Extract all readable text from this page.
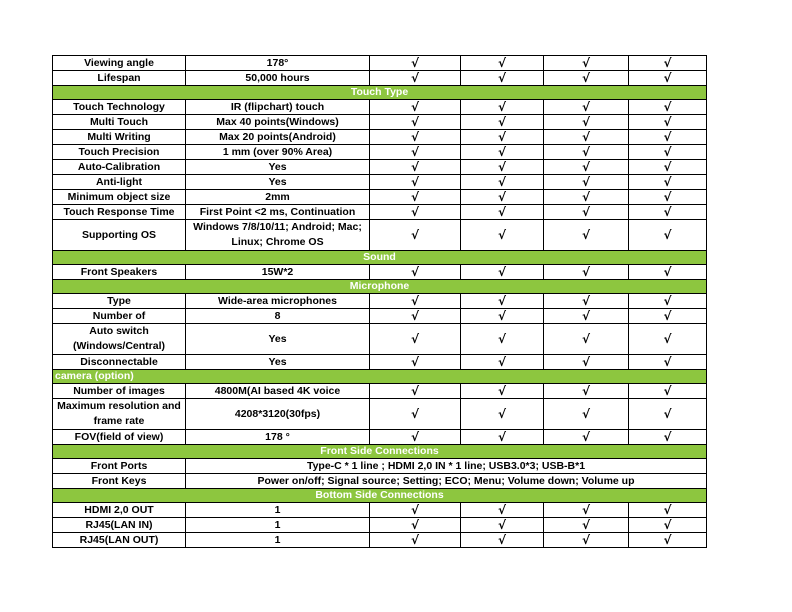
Viewing angle	178°	√	√	√	√
Lifespan	50,000 hours	√	√	√	√
Touch Type					
Touch Technology	IR (flipchart) touch	√	√	√	√
Multi Touch	Max 40 points(Windows)	√	√	√	√
Multi Writing	Max 20 points(Android)	√	√	√	√
Touch Precision	1 mm (over 90% Area)	√	√	√	√
Auto-Calibration	Yes	√	√	√	√
Anti-light	Yes	√	√	√	√
Minimum object size	2mm	√	√	√	√
Touch Response Time	First Point <2 ms, Continuation	√	√	√	√
Supporting OS	Windows 7/8/10/11; Android; Mac; Linux; Chrome OS	√	√	√	√
Sound					
Front Speakers	15W*2	√	√	√	√
Microphone					
Type	Wide-area microphones	√	√	√	√
Number of	8	√	√	√	√
Auto switch (Windows/Central)	Yes	√	√	√	√
Disconnectable	Yes	√	√	√	√
camera (option)					
Number of images	4800M(AI based 4K voice	√	√	√	√
Maximum resolution and frame rate	4208*3120(30fps)	√	√	√	√
FOV(field of view)	178 °	√	√	√	√
Front Side Connections					
Front Ports	Type-C * 1 line ; HDMI 2,0 IN * 1 line; USB3.0*3; USB-B*1				
Front Keys	Power on/off; Signal source; Setting; ECO; Menu; Volume down; Volume up				
Bottom Side Connections					
HDMI 2,0 OUT	1	√	√	√	√
RJ45(LAN IN)	1	√	√	√	√
RJ45(LAN OUT)	1	√	√	√	√
